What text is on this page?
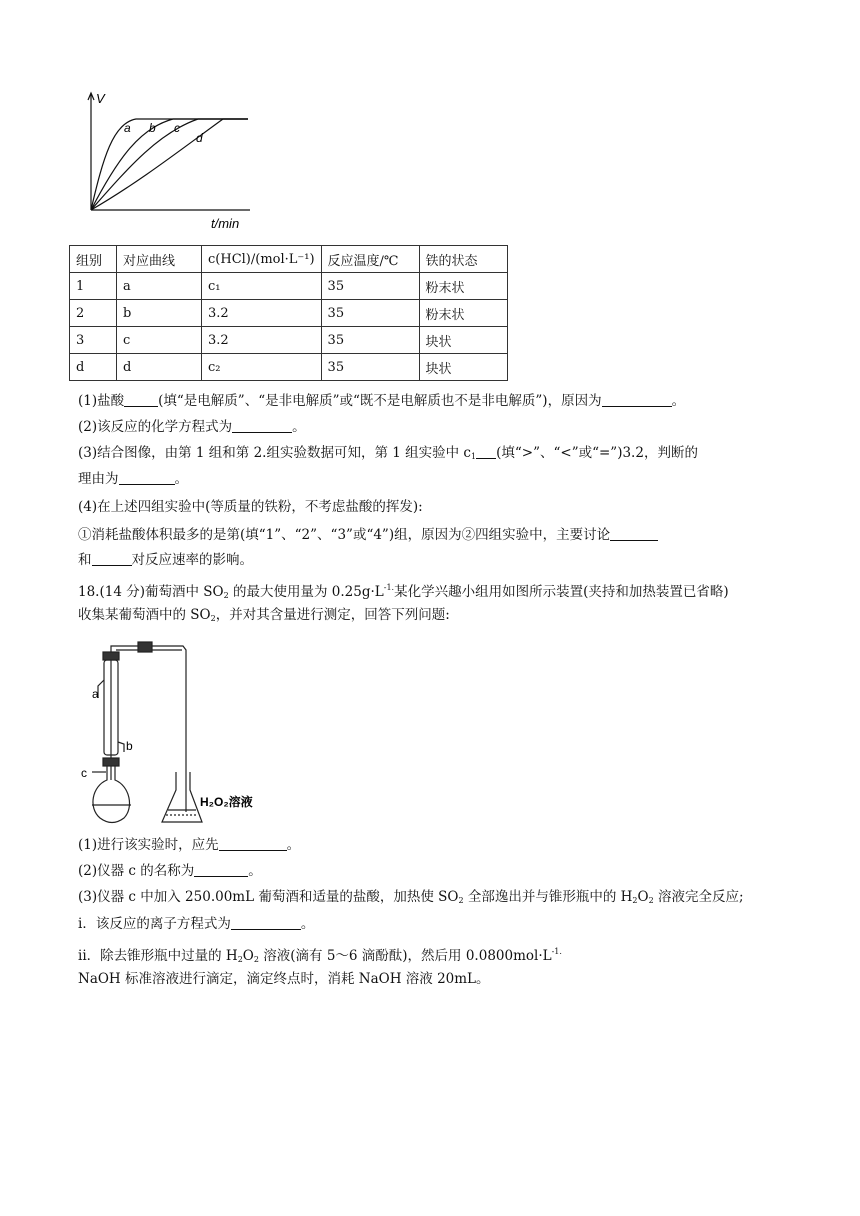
V
a b c
d
t/min
组别	对应曲线	c(HCl)/(mol·L⁻¹)	反应温度/℃	铁的状态
1	a	c₁	35	粉末状
2	b	3.2	35	粉末状
3	c	3.2	35	块状
d	d	c₂	35	块状
(1)盐酸	(填“是电解质”、“是非电解质”或“既不是电解质也不是非电解质”)，原因为	。
(2)该反应的化学方程式为	。
(3)结合图像，由第 1 组和第 2.组实验数据可知，第 1 组实验中 $c_1$ (填“>”、“<”或“=”)3.2，判断的
理由为	。
(4)在上述四组实验中(等质量的铁粉，不考虑盐酸的挥发):
①消耗盐酸体积最多的是第(填“1”、“2”、“3”或“4”)组，原因为②四组实验中，主要讨论
和	对反应速率的影响。
18.(14 分)葡萄酒中 $SO_2$ 的最大使用量为 $0.25g\cdot L^{-1.}$某化学兴趣小组用如图所示装置(夹持和加热装置已省略)
收集某葡萄酒中的 $SO_2$，并对其含量进行测定，回答下列问题:
a
b
c
H₂O₂溶液
(1)进行该实验时，应先	。
(2)仪器 c 的名称为	。
(3)仪器 c 中加入 250.00mL 葡萄酒和适量的盐酸，加热使 $SO_2$ 全部逸出并与锥形瓶中的 $H_2O_2$ 溶液完全反应;
i．该反应的离子方程式为	。
ii．除去锥形瓶中过量的 $H_2O_2$ 溶液(滴有 5～6 滴酚酞)，然后用 $0.0800mol\cdot L^{-1.}$
NaOH 标准溶液进行滴定，滴定终点时，消耗 NaOH 溶液 20mL。
